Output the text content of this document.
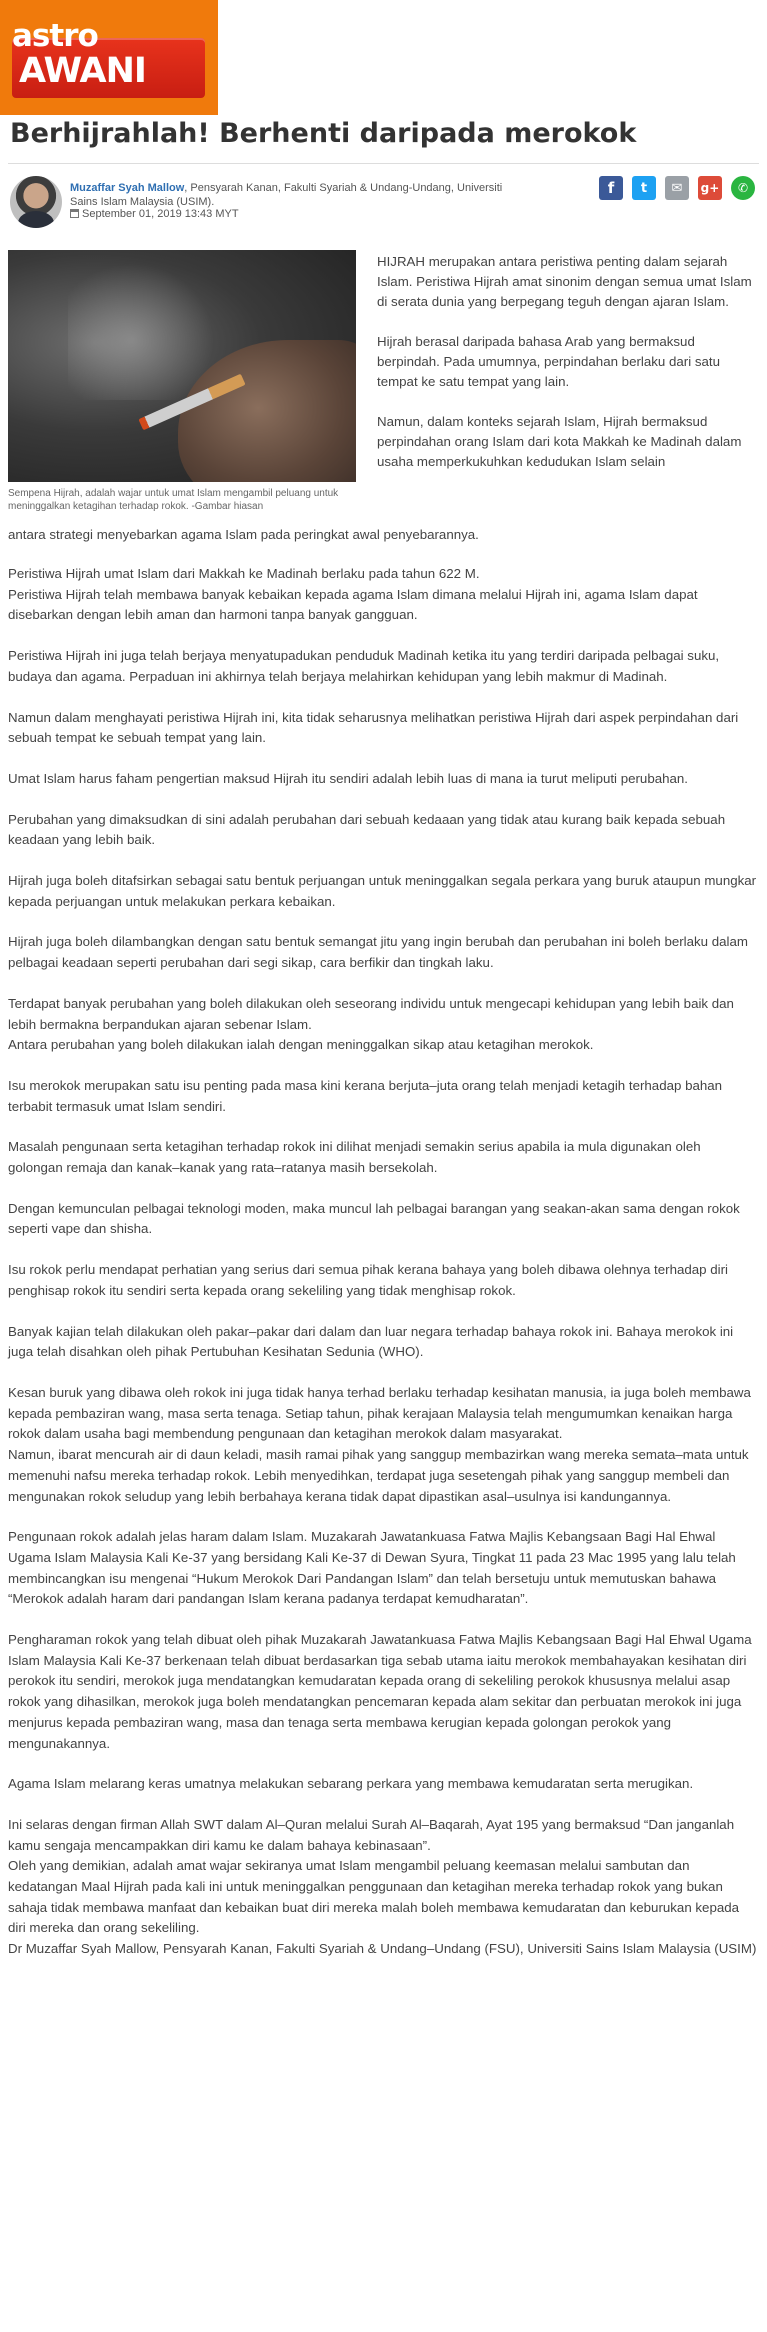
astro
AWANI
Berhijrahlah! Berhenti daripada merokok
Muzaffar Syah Mallow, Pensyarah Kanan, Fakulti Syariah & Undang-Undang, Universiti Sains Islam Malaysia (USIM).
September 01, 2019 13:43 MYT
f	t	✉	g+	✆
Sempena Hijrah, adalah wajar untuk umat Islam mengambil peluang untuk meninggalkan ketagihan terhadap rokok. -Gambar hiasan

HIJRAH merupakan antara peristiwa penting dalam sejarah Islam. Peristiwa Hijrah amat sinonim dengan semua umat Islam di serata dunia yang berpegang teguh dengan ajaran Islam.

Hijrah berasal daripada bahasa Arab yang bermaksud berpindah. Pada umumnya, perpindahan berlaku dari satu tempat ke satu tempat yang lain.

Namun, dalam konteks sejarah Islam, Hijrah bermaksud perpindahan orang Islam dari kota Makkah ke Madinah dalam usaha memperkukuhkan kedudukan Islam selain

antara strategi menyebarkan agama Islam pada peringkat awal penyebarannya.

Peristiwa Hijrah umat Islam dari Makkah ke Madinah berlaku pada tahun 622 M.

Peristiwa Hijrah telah membawa banyak kebaikan kepada agama Islam dimana melalui Hijrah ini, agama Islam dapat disebarkan dengan lebih aman dan harmoni tanpa banyak gangguan.

Peristiwa Hijrah ini juga telah berjaya menyatupadukan penduduk Madinah ketika itu yang terdiri daripada pelbagai suku, budaya dan agama. Perpaduan ini akhirnya telah berjaya melahirkan kehidupan yang lebih makmur di Madinah.

Namun dalam menghayati peristiwa Hijrah ini, kita tidak seharusnya melihatkan peristiwa Hijrah dari aspek perpindahan dari sebuah tempat ke sebuah tempat yang lain.

Umat Islam harus faham pengertian maksud Hijrah itu sendiri adalah lebih luas di mana ia turut meliputi perubahan.

Perubahan yang dimaksudkan di sini adalah perubahan dari sebuah kedaaan yang tidak atau kurang baik kepada sebuah keadaan yang lebih baik.

Hijrah juga boleh ditafsirkan sebagai satu bentuk perjuangan untuk meninggalkan segala perkara yang buruk ataupun mungkar kepada perjuangan untuk melakukan perkara kebaikan.

Hijrah juga boleh dilambangkan dengan satu bentuk semangat jitu yang ingin berubah dan perubahan ini boleh berlaku dalam pelbagai keadaan seperti perubahan dari segi sikap, cara berfikir dan tingkah laku.

Terdapat banyak perubahan yang boleh dilakukan oleh seseorang individu untuk mengecapi kehidupan yang lebih baik dan lebih bermakna berpandukan ajaran sebenar Islam.

Antara perubahan yang boleh dilakukan ialah dengan meninggalkan sikap atau ketagihan merokok.

Isu merokok merupakan satu isu penting pada masa kini kerana berjuta–juta orang telah menjadi ketagih terhadap bahan terbabit termasuk umat Islam sendiri.

Masalah pengunaan serta ketagihan terhadap rokok ini dilihat menjadi semakin serius apabila ia mula digunakan oleh golongan remaja dan kanak–kanak yang rata–ratanya masih bersekolah.

Dengan kemunculan pelbagai teknologi moden, maka muncul lah pelbagai barangan yang seakan-akan sama dengan rokok seperti vape dan shisha.

Isu rokok perlu mendapat perhatian yang serius dari semua pihak kerana bahaya yang boleh dibawa olehnya terhadap diri penghisap rokok itu sendiri serta kepada orang sekeliling yang tidak menghisap rokok.

Banyak kajian telah dilakukan oleh pakar–pakar dari dalam dan luar negara terhadap bahaya rokok ini. Bahaya merokok ini juga telah disahkan oleh pihak Pertubuhan Kesihatan Sedunia (WHO).

Kesan buruk yang dibawa oleh rokok ini juga tidak hanya terhad berlaku terhadap kesihatan manusia, ia juga boleh membawa kepada pembaziran wang, masa serta tenaga. Setiap tahun, pihak kerajaan Malaysia telah mengumumkan kenaikan harga rokok dalam usaha bagi membendung pengunaan dan ketagihan merokok dalam masyarakat.

Namun, ibarat mencurah air di daun keladi, masih ramai pihak yang sanggup membazirkan wang mereka semata–mata untuk memenuhi nafsu mereka terhadap rokok. Lebih menyedihkan, terdapat juga sesetengah pihak yang sanggup membeli dan mengunakan rokok seludup yang lebih berbahaya kerana tidak dapat dipastikan asal–usulnya isi kandungannya.

Pengunaan rokok adalah jelas haram dalam Islam. Muzakarah Jawatankuasa Fatwa Majlis Kebangsaan Bagi Hal Ehwal Ugama Islam Malaysia Kali Ke-37 yang bersidang Kali Ke-37 di Dewan Syura, Tingkat 11 pada 23 Mac 1995 yang lalu telah membincangkan isu mengenai “Hukum Merokok Dari Pandangan Islam” dan telah bersetuju untuk memutuskan bahawa “Merokok adalah haram dari pandangan Islam kerana padanya terdapat kemudharatan”.

Pengharaman rokok yang telah dibuat oleh pihak Muzakarah Jawatankuasa Fatwa Majlis Kebangsaan Bagi Hal Ehwal Ugama Islam Malaysia Kali Ke-37 berkenaan telah dibuat berdasarkan tiga sebab utama iaitu merokok membahayakan kesihatan diri perokok itu sendiri, merokok juga mendatangkan kemudaratan kepada orang di sekeliling perokok khususnya melalui asap rokok yang dihasilkan, merokok juga boleh mendatangkan pencemaran kepada alam sekitar dan perbuatan merokok ini juga menjurus kepada pembaziran wang, masa dan tenaga serta membawa kerugian kepada golongan perokok yang mengunakannya.

Agama Islam melarang keras umatnya melakukan sebarang perkara yang membawa kemudaratan serta merugikan.

Ini selaras dengan firman Allah SWT dalam Al–Quran melalui Surah Al–Baqarah, Ayat 195 yang bermaksud “Dan janganlah kamu sengaja mencampakkan diri kamu ke dalam bahaya kebinasaan”.

Oleh yang demikian, adalah amat wajar sekiranya umat Islam mengambil peluang keemasan melalui sambutan dan kedatangan Maal Hijrah pada kali ini untuk meninggalkan penggunaan dan ketagihan mereka terhadap rokok yang bukan sahaja tidak membawa manfaat dan kebaikan buat diri mereka malah boleh membawa kemudaratan dan keburukan kepada diri mereka dan orang sekeliling.

Dr Muzaffar Syah Mallow, Pensyarah Kanan, Fakulti Syariah & Undang–Undang (FSU), Universiti Sains Islam Malaysia (USIM)
